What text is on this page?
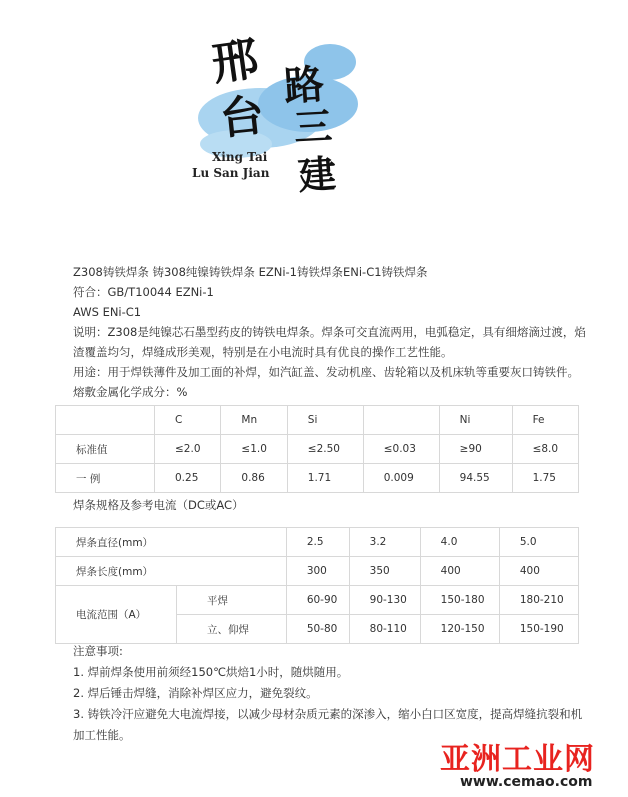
邢
台
路
三
建
Xing Tai
Lu San Jian

Z308铸铁焊条 铸308纯镍铸铁焊条 EZNi-1铸铁焊条ENi-C1铸铁焊条

符合：GB/T10044 EZNi-1

AWS ENi-C1

说明：Z308是纯镍芯石墨型药皮的铸铁电焊条。焊条可交直流两用，电弧稳定，具有细熔滴过渡，焰

渣覆盖均匀，焊缝成形美观，特别是在小电流时具有优良的操作工艺性能。

用途：用于焊铁薄件及加工面的补焊，如汽缸盖、发动机座、齿轮箱以及机床轨等重要灰口铸铁件。

熔敷金属化学成分：%

	C	Mn	Si		Ni	Fe
标准值	≤2.0	≤1.0	≤2.50	≤0.03	≥90	≤8.0
一 例	0.25	0.86	1.71	0.009	94.55	1.75
焊条规格及参考电流（DC或AC）
焊条直径(mm）		2.5	3.2	4.0	5.0
焊条长度(mm）		300	350	400	400
电流范围（A）	平焊	60-90	90-130	150-180	180-210
	立、仰焊	50-80	80-110	120-150	150-190

注意事项:

1. 焊前焊条使用前须经150℃烘焙1小时，随烘随用。

2. 焊后锤击焊缝，消除补焊区应力，避免裂纹。

3. 铸铁冷汗应避免大电流焊接，以减少母材杂质元素的深渗入，缩小白口区宽度，提高焊缝抗裂和机

加工性能。

亚洲工业网
www.cemao.com
